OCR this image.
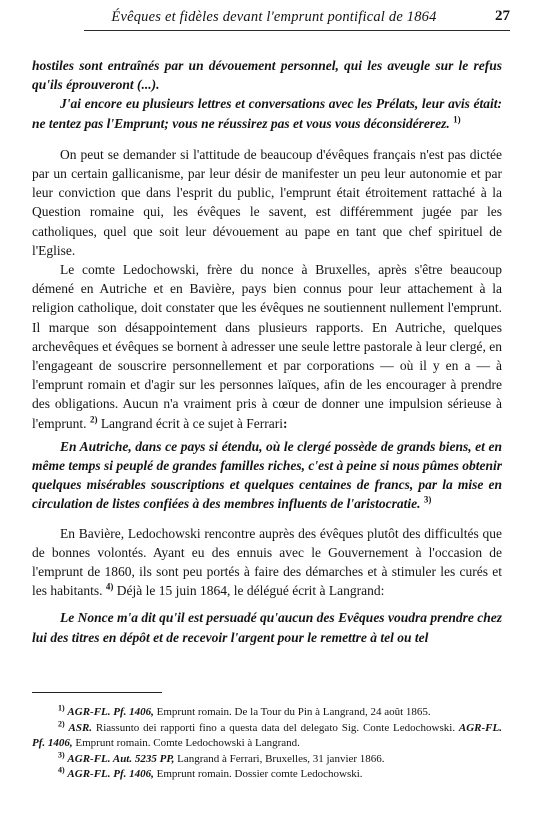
Évêques et fidèles devant l'emprunt pontifical de 1864	27

hostiles sont entraînés par un dévouement personnel, qui les aveugle sur le refus qu'ils éprouveront (...).

J'ai encore eu plusieurs lettres et conversations avec les Prélats, leur avis était: ne tentez pas l'Emprunt; vous ne réussirez pas et vous vous déconsidérerez. $^{1)}$

On peut se demander si l'attitude de beaucoup d'évêques français n'est pas dictée par un certain gallicanisme, par leur désir de manifester un peu leur autonomie et par leur conviction que dans l'esprit du public, l'emprunt était étroitement rattaché à la Question romaine qui, les évêques le savent, est différemment jugée par les catholiques, quel que soit leur dévouement au pape en tant que chef spirituel de l'Eglise.

Le comte Ledochowski, frère du nonce à Bruxelles, après s'être beaucoup démené en Autriche et en Bavière, pays bien connus pour leur attachement à la religion catholique, doit constater que les évêques ne soutiennent nullement l'emprunt. Il marque son désappointement dans plusieurs rapports. En Autriche, quelques archevêques et évêques se bornent à adresser une seule lettre pastorale à leur clergé, en l'engageant de souscrire personnellement et par corporations — où il y en a — à l'emprunt romain et d'agir sur les personnes laïques, afin de les encourager à prendre des obligations. Aucun n'a vraiment pris à cœur de donner une impulsion sérieuse à l'emprunt. $^{2)}$ Langrand écrit à ce sujet à Ferrari:

En Autriche, dans ce pays si étendu, où le clergé possède de grands biens, et en même temps si peuplé de grandes familles riches, c'est à peine si nous pûmes obtenir quelques misérables souscriptions et quelques centaines de francs, par la mise en circulation de listes confiées à des membres influents de l'aristocratie. $^{3)}$

En Bavière, Ledochowski rencontre auprès des évêques plutôt des difficultés que de bonnes volontés. Ayant eu des ennuis avec le Gouvernement à l'occasion de l'emprunt de 1860, ils sont peu portés à faire des démarches et à stimuler les curés et les habitants. $^{4)}$ Déjà le 15 juin 1864, le délégué écrit à Langrand:

Le Nonce m'a dit qu'il est persuadé qu'aucun des Evêques voudra prendre chez lui des titres en dépôt et de recevoir l'argent pour le remettre à tel ou tel

$^{1)}$ AGR-FL. Pf. 1406, Emprunt romain. De la Tour du Pin à Langrand, 24 août 1865.

$^{2)}$ ASR. Riassunto dei rapporti fino a questa data del delegato Sig. Conte Ledochowski. AGR-FL. Pf. 1406, Emprunt romain. Comte Ledochowski à Langrand.

$^{3)}$ AGR-FL. Aut. 5235 PP, Langrand à Ferrari, Bruxelles, 31 janvier 1866.

$^{4)}$ AGR-FL. Pf. 1406, Emprunt romain. Dossier comte Ledochowski.
